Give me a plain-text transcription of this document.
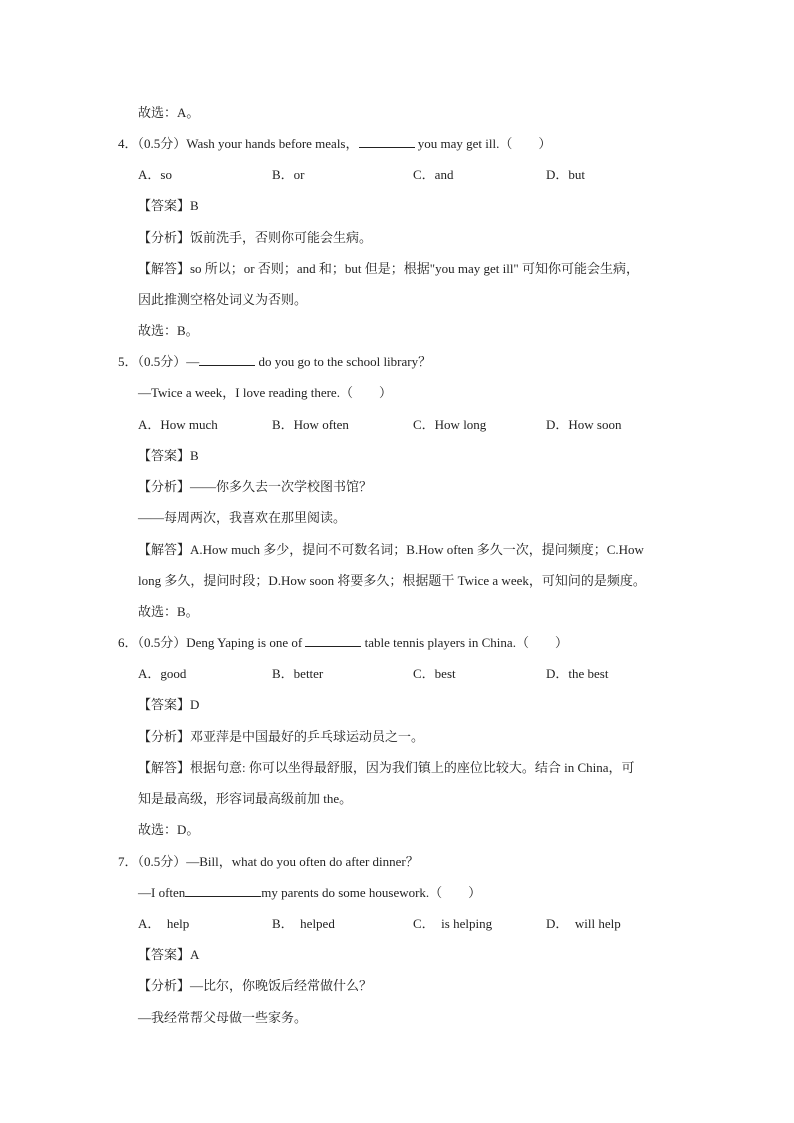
故选：A。
4．（0.5分）Wash your hands before meals，	you may get ill.（　　）
A．so	B．or	C．and	D．but
【答案】B
【分析】饭前洗手，否则你可能会生病。
【解答】so 所以；or 否则；and 和；but 但是；根据"you may get ill" 可知你可能会生病，
因此推测空格处词义为否则。
故选：B。
5．（0.5分）—	do you go to the school library？
—Twice a week，I love reading there.（　　）
A．How much	B．How often	C．How long	D．How soon
【答案】B
【分析】——你多久去一次学校图书馆？
——每周两次，我喜欢在那里阅读。
【解答】A.How much 多少，提问不可数名词；B.How often 多久一次，提问频度；C.How
long 多久，提问时段；D.How soon 将要多久；根据题干 Twice a week，可知问的是频度。
故选：B。
6．（0.5分）Deng Yaping is one of	table tennis players in China.（　　）
A．good	B．better	C．best	D．the best
【答案】D
【分析】邓亚萍是中国最好的乒乓球运动员之一。
【解答】根据句意: 你可以坐得最舒服，因为我们镇上的座位比较大。结合 in China，可
知是最高级，形容词最高级前加 the。
故选：D。
7．（0.5分）—Bill，what do you often do after dinner？
—I often	my parents do some housework.（　　）
A．　help	B．　helped	C．　is helping	D．　will help
【答案】A
【分析】—比尔，你晚饭后经常做什么？
—我经常帮父母做一些家务。
